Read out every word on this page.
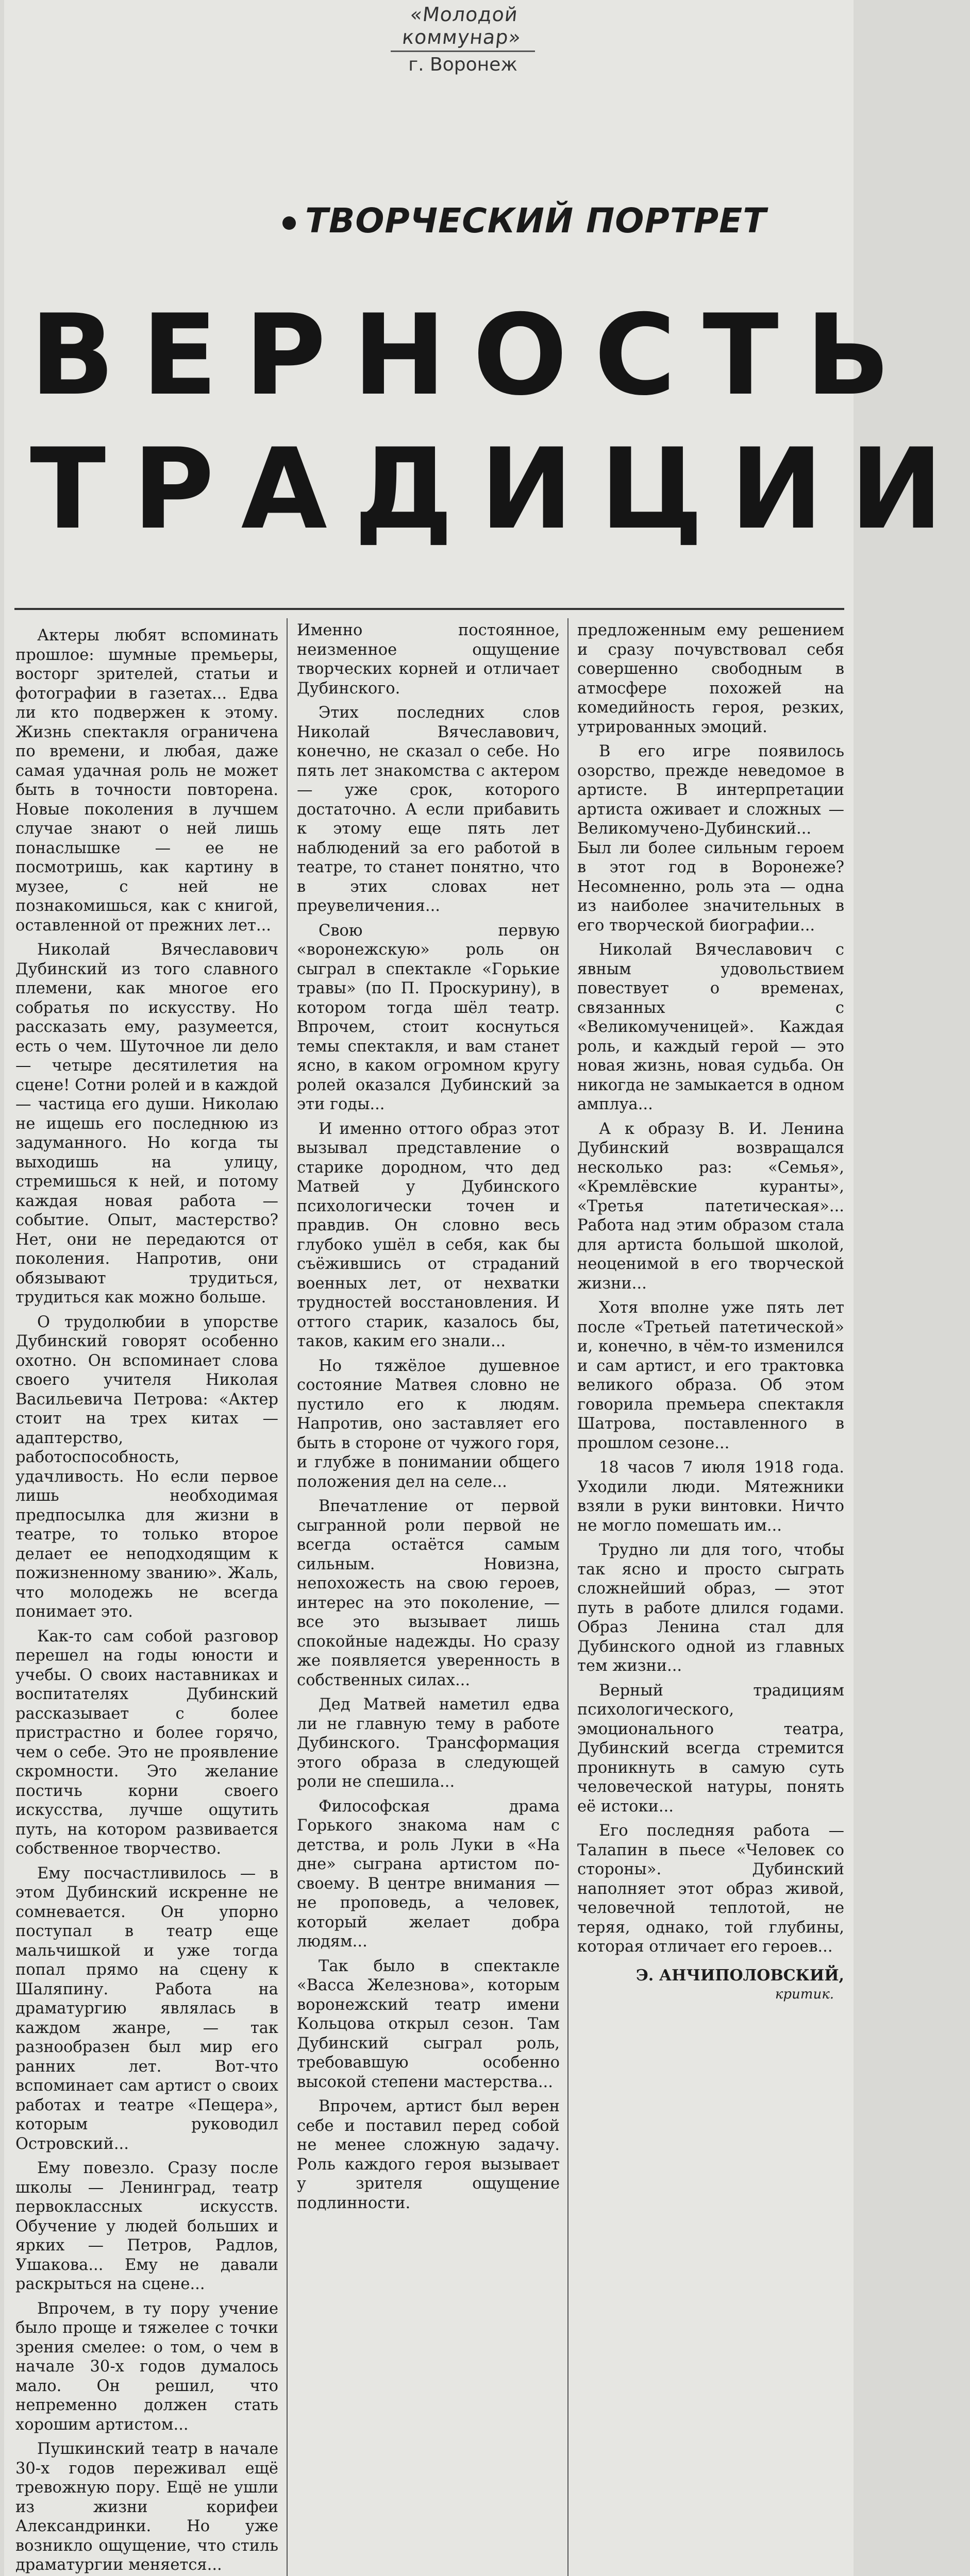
«Молодой коммунар»
г. Воронеж
ТВОРЧЕСКИЙ ПОРТРЕТ
ВЕРНОСТЬ
ТРАДИЦИИ

Актеры любят вспоминать прошлое: шумные премьеры, восторг зрителей, статьи и фотографии в газетах... Едва ли кто подвержен к этому. Жизнь спектакля ограничена по времени, и любая, даже самая удачная роль не может быть в точности повторена. Новые поколения в лучшем случае знают о ней лишь понаслышке — ее не посмотришь, как картину в музее, с ней не познакомишься, как с книгой, оставленной от прежних лет...

Николай Вячеславович Дубинский из того славного племени, как многое его собратья по искусству. Но рассказать ему, разумеется, есть о чем. Шуточное ли дело — четыре десятилетия на сцене! Сотни ролей и в каждой — частица его души. Николаю не ищешь его последнюю из задуманного. Но когда ты выходишь на улицу, стремишься к ней, и потому каждая новая работа — событие. Опыт, мастерство? Нет, они не передаются от поколения. Напротив, они обязывают трудиться, трудиться как можно больше.

О трудолюбии в упорстве Дубинский говорят особенно охотно. Он вспоминает слова своего учителя Николая Васильевича Петрова: «Актер стоит на трех китах — адаптерство, работоспособность, удачливость. Но если первое лишь необходимая предпосылка для жизни в театре, то только второе делает ее неподходящим к пожизненному званию». Жаль, что молодежь не всегда понимает это.

Как-то сам собой разговор перешел на годы юности и учебы. О своих наставниках и воспитателях Дубинский рассказывает с более пристрастно и более горячо, чем о себе. Это не проявление скромности. Это желание постичь корни своего искусства, лучше ощутить путь, на котором развивается собственное творчество.

Ему посчастливилось — в этом Дубинский искренне не сомневается. Он упорно поступал в театр еще мальчишкой и уже тогда попал прямо на сцену к Шаляпину. Работа на драматургию являлась в каждом жанре, — так разнообразен был мир его ранних лет. Вот-что вспоминает сам артист о своих работах и театре «Пещера», которым руководил Островский...

Ему повезло. Сразу после школы — Ленинград, театр первоклассных искусств. Обучение у людей больших и ярких — Петров, Радлов, Ушакова... Ему не давали раскрыться на сцене...

Впрочем, в ту пору учение было проще и тяжелее с точки зрения смелее: о том, о чем в начале 30-х годов думалось мало. Он решил, что непременно должен стать хорошим артистом...

Пушкинский театр в начале 30-х годов переживал ещё тревожную пору. Ещё не ушли из жизни корифеи Александринки. Но уже возникло ощущение, что стиль драматургии меняется...

Именно постоянное, неизменное ощущение творческих корней и отличает Дубинского.

Этих последних слов Николай Вячеславович, конечно, не сказал о себе. Но пять лет знакомства с актером — уже срок, которого достаточно. А если прибавить к этому еще пять лет наблюдений за его работой в театре, то станет понятно, что в этих словах нет преувеличения...

Свою первую «воронежскую» роль он сыграл в спектакле «Горькие травы» (по П. Проскурину), в котором тогда шёл театр. Впрочем, стоит коснуться темы спектакля, и вам станет ясно, в каком огромном кругу ролей оказался Дубинский за эти годы...

И именно оттого образ этот вызывал представление о старике дородном, что дед Матвей у Дубинского психологически точен и правдив. Он словно весь глубоко ушёл в себя, как бы съёжившись от страданий военных лет, от нехватки трудностей восстановления. И оттого старик, казалось бы, таков, каким его знали...

Но тяжёлое душевное состояние Матвея словно не пустило его к людям. Напротив, оно заставляет его быть в стороне от чужого горя, и глубже в понимании общего положения дел на селе...

Впечатление от первой сыгранной роли первой не всегда остаётся самым сильным. Новизна, непохожесть на свою героев, интерес на это поколение, — все это вызывает лишь спокойные надежды. Но сразу же появляется уверенность в собственных силах...

Дед Матвей наметил едва ли не главную тему в работе Дубинского. Трансформация этого образа в следующей роли не спешила...

Философская драма Горького знакома нам с детства, и роль Луки в «На дне» сыграна артистом по-своему. В центре внимания — не проповедь, а человек, который желает добра людям...

Так было в спектакле «Васса Железнова», которым воронежский театр имени Кольцова открыл сезон. Там Дубинский сыграл роль, требовавшую особенно высокой степени мастерства...

Впрочем, артист был верен себе и поставил перед собой не менее сложную задачу. Роль каждого героя вызывает у зрителя ощущение подлинности.

предложенным ему решением и сразу почувствовал себя совершенно свободным в атмосфере похожей на комедийность героя, резких, утрированных эмоций.

В его игре появилось озорство, прежде неведомое в артисте. В интерпретации артиста оживает и сложных — Великомучено-Дубинский... Был ли более сильным героем в этот год в Воронеже? Несомненно, роль эта — одна из наиболее значительных в его творческой биографии...

Николай Вячеславович с явным удовольствием повествует о временах, связанных с «Великомученицей». Каждая роль, и каждый герой — это новая жизнь, новая судьба. Он никогда не замыкается в одном амплуа...

А к образу В. И. Ленина Дубинский возвращался несколько раз: «Семья», «Кремлёвские куранты», «Третья патетическая»... Работа над этим образом стала для артиста большой школой, неоценимой в его творческой жизни...

Хотя вполне уже пять лет после «Третьей патетической» и, конечно, в чём-то изменился и сам артист, и его трактовка великого образа. Об этом говорила премьера спектакля Шатрова, поставленного в прошлом сезоне...

18 часов 7 июля 1918 года. Уходили люди. Мятежники взяли в руки винтовки. Ничто не могло помешать им...

Трудно ли для того, чтобы так ясно и просто сыграть сложнейший образ, — этот путь в работе длился годами. Образ Ленина стал для Дубинского одной из главных тем жизни...

Верный традициям психологического, эмоционального театра, Дубинский всегда стремится проникнуть в самую суть человеческой натуры, понять её истоки...

Его последняя работа — Талапин в пьесе «Человек со стороны». Дубинский наполняет этот образ живой, человечной теплотой, не теряя, однако, той глубины, которая отличает его героев...

Э. АНЧИПОЛОВСКИЙ,
критик.
